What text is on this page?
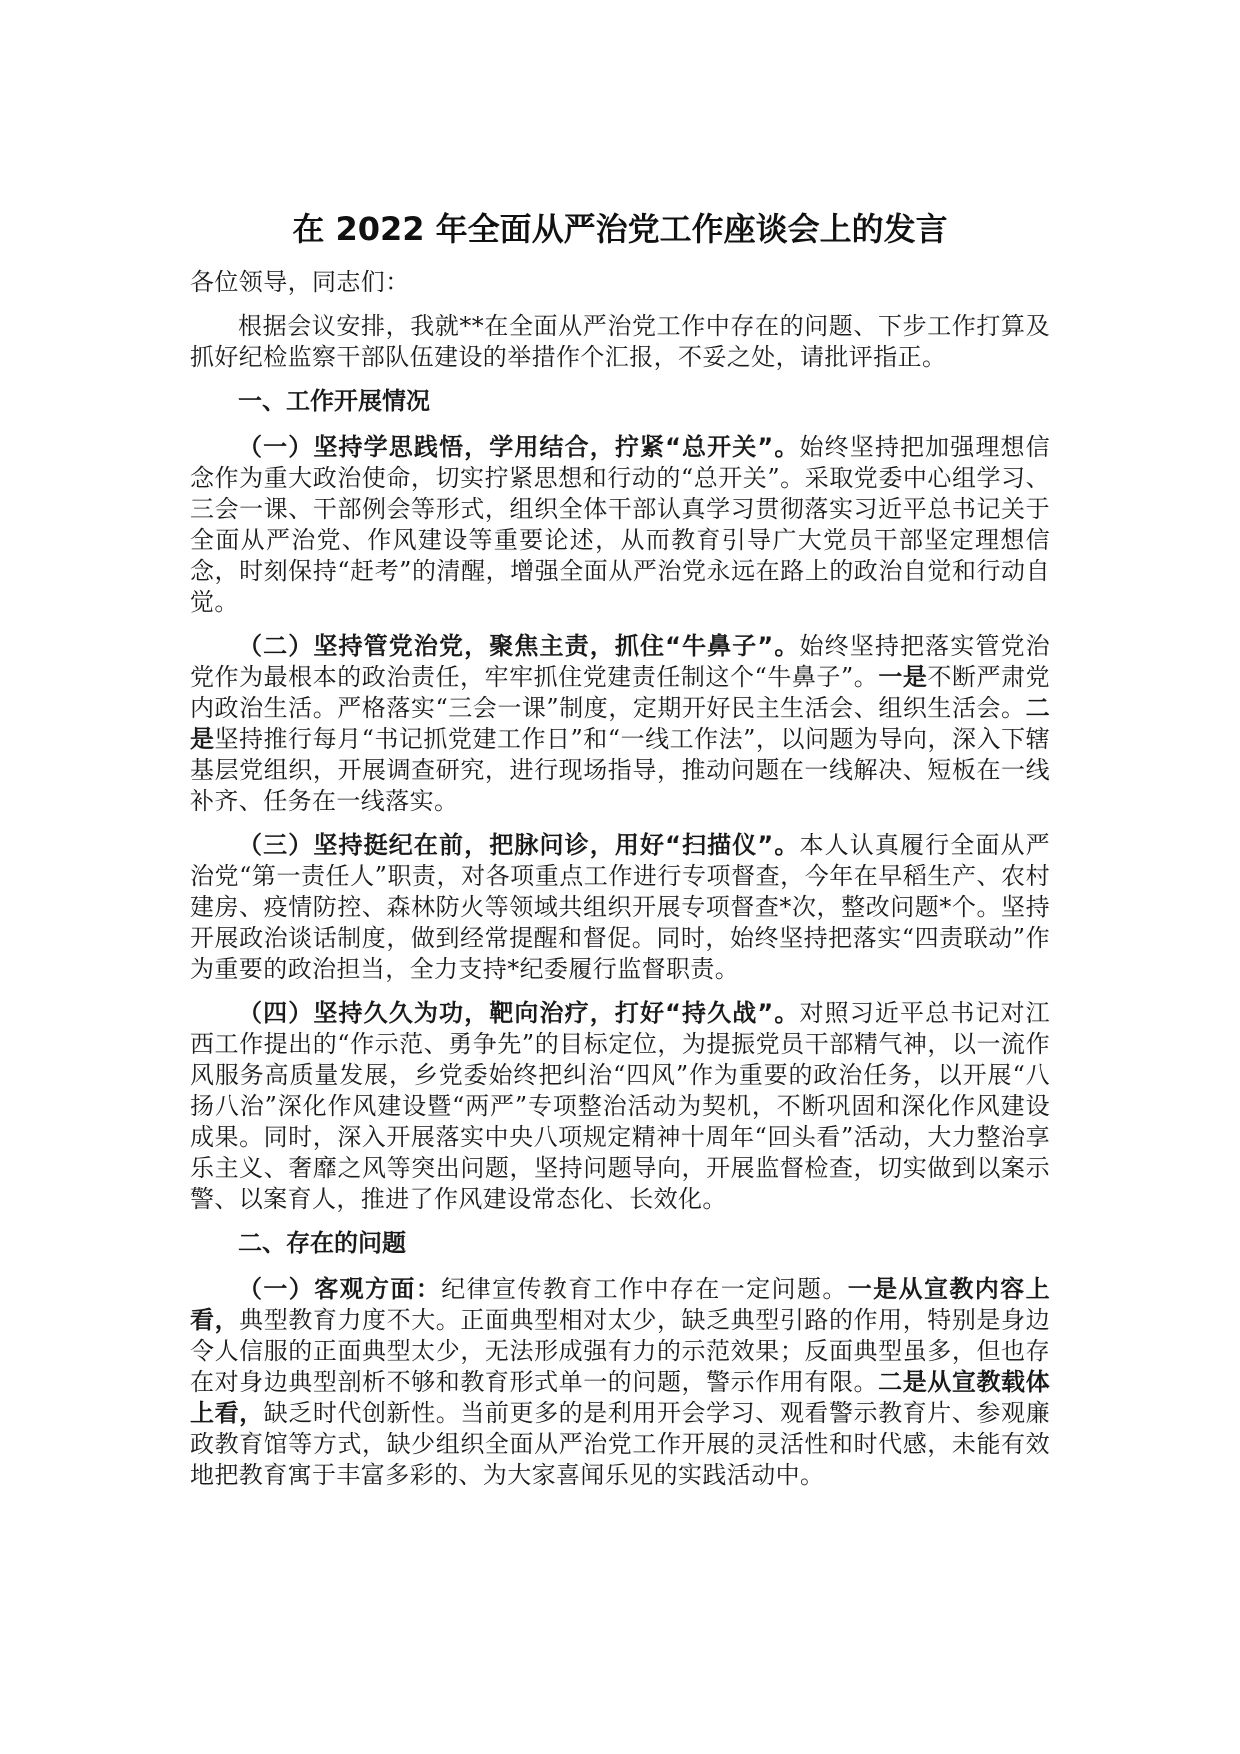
在 2022 年全面从严治党工作座谈会上的发言

各位领导，同志们：

根据会议安排，我就**在全面从严治党工作中存在的问题、下步工作打算及抓好纪检监察干部队伍建设的举措作个汇报，不妥之处，请批评指正。

一、工作开展情况

（一）坚持学思践悟，学用结合，拧紧“总开关”。始终坚持把加强理想信念作为重大政治使命，切实拧紧思想和行动的“总开关”。采取党委中心组学习、三会一课、干部例会等形式，组织全体干部认真学习贯彻落实习近平总书记关于全面从严治党、作风建设等重要论述，从而教育引导广大党员干部坚定理想信念，时刻保持“赶考”的清醒，增强全面从严治党永远在路上的政治自觉和行动自觉。

（二）坚持管党治党，聚焦主责，抓住“牛鼻子”。始终坚持把落实管党治党作为最根本的政治责任，牢牢抓住党建责任制这个“牛鼻子”。一是不断严肃党内政治生活。严格落实“三会一课”制度，定期开好民主生活会、组织生活会。二是坚持推行每月“书记抓党建工作日”和“一线工作法”，以问题为导向，深入下辖基层党组织，开展调查研究，进行现场指导，推动问题在一线解决、短板在一线补齐、任务在一线落实。

（三）坚持挺纪在前，把脉问诊，用好“扫描仪”。本人认真履行全面从严治党“第一责任人”职责，对各项重点工作进行专项督查，今年在早稻生产、农村建房、疫情防控、森林防火等领域共组织开展专项督查*次，整改问题*个。坚持开展政治谈话制度，做到经常提醒和督促。同时，始终坚持把落实“四责联动”作为重要的政治担当，全力支持*纪委履行监督职责。

（四）坚持久久为功，靶向治疗，打好“持久战”。对照习近平总书记对江西工作提出的“作示范、勇争先”的目标定位，为提振党员干部精气神，以一流作风服务高质量发展，乡党委始终把纠治“四风”作为重要的政治任务，以开展“八扬八治”深化作风建设暨“两严”专项整治活动为契机，不断巩固和深化作风建设成果。同时，深入开展落实中央八项规定精神十周年“回头看”活动，大力整治享乐主义、奢靡之风等突出问题，坚持问题导向，开展监督检查，切实做到以案示警、以案育人，推进了作风建设常态化、长效化。

二、存在的问题

（一）客观方面：纪律宣传教育工作中存在一定问题。一是从宣教内容上看，典型教育力度不大。正面典型相对太少，缺乏典型引路的作用，特别是身边令人信服的正面典型太少，无法形成强有力的示范效果；反面典型虽多，但也存在对身边典型剖析不够和教育形式单一的问题，警示作用有限。二是从宣教载体上看，缺乏时代创新性。当前更多的是利用开会学习、观看警示教育片、参观廉政教育馆等方式，缺少组织全面从严治党工作开展的灵活性和时代感，未能有效地把教育寓于丰富多彩的、为大家喜闻乐见的实践活动中。
